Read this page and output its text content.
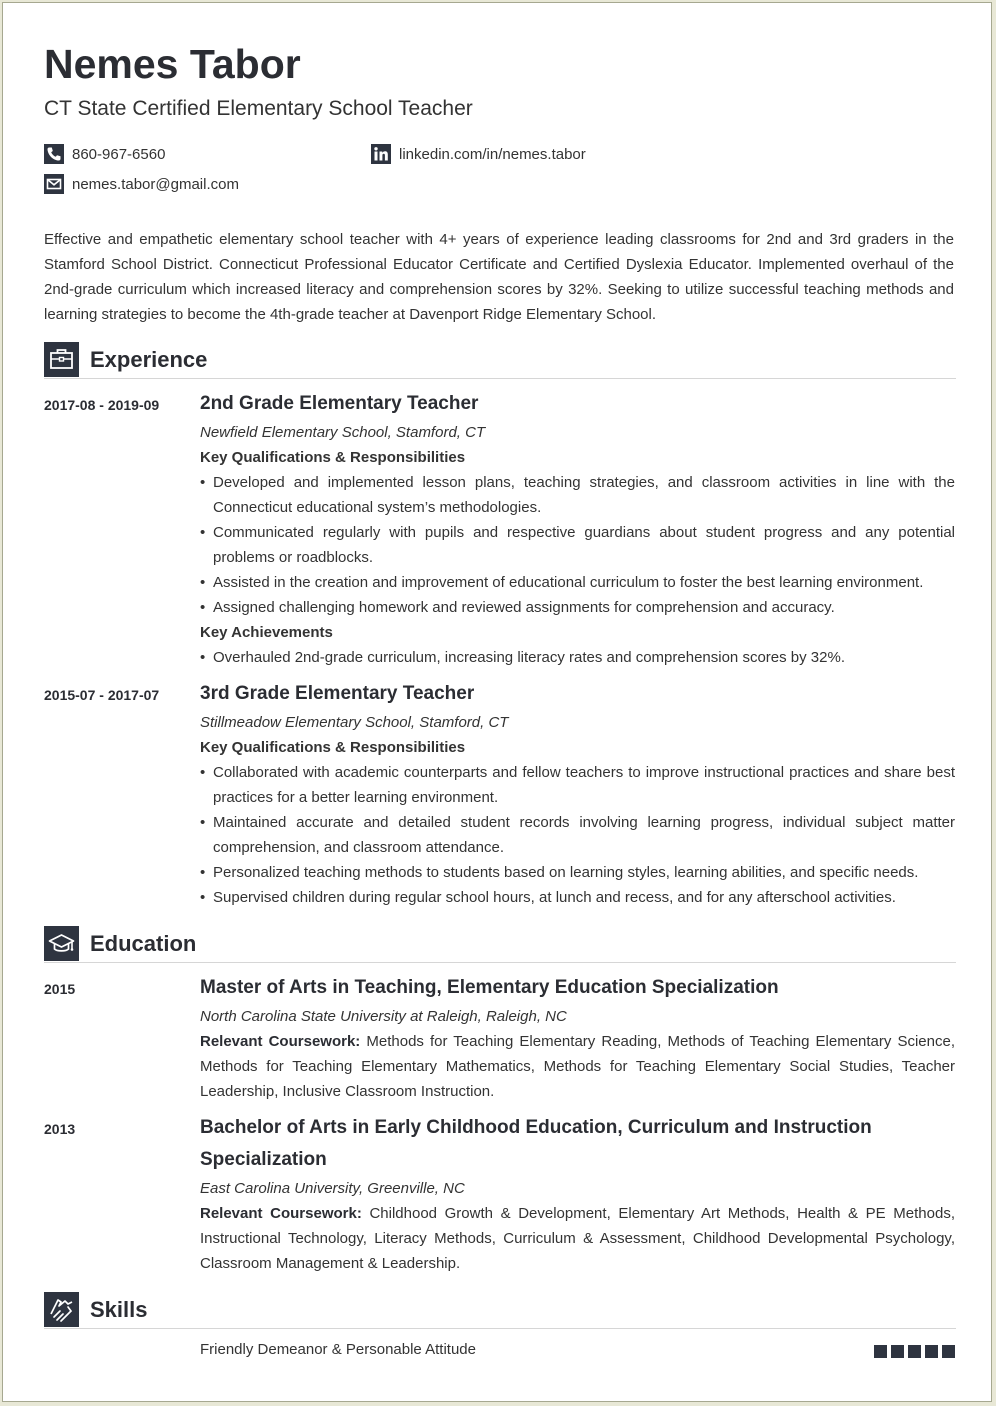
Nemes Tabor
CT State Certified Elementary School Teacher
860-967-6560	linkedin.com/in/nemes.tabor
nemes.tabor@gmail.com

Effective and empathetic elementary school teacher with 4+ years of experience leading classrooms for 2nd and 3rd graders in the Stamford School District. Connecticut Professional Educator Certificate and Certified Dyslexia Educator. Implemented overhaul of the 2nd-grade curriculum which increased literacy and comprehension scores by 32%. Seeking to utilize successful teaching methods and learning strategies to become the 4th-grade teacher at Davenport Ridge Elementary School.

Experience
2017-08 - 2019-09 2nd Grade Elementary Teacher
Newfield Elementary School, Stamford, CT
Key Qualifications & Responsibilities
• Developed and implemented lesson plans, teaching strategies, and classroom activities in line with the Connecticut educational system’s methodologies.
• Communicated regularly with pupils and respective guardians about student progress and any potential problems or roadblocks.
• Assisted in the creation and improvement of educational curriculum to foster the best learning environment.
• Assigned challenging homework and reviewed assignments for comprehension and accuracy.
Key Achievements
• Overhauled 2nd-grade curriculum, increasing literacy rates and comprehension scores by 32%.
2015-07 - 2017-07 3rd Grade Elementary Teacher
Stillmeadow Elementary School, Stamford, CT
Key Qualifications & Responsibilities
• Collaborated with academic counterparts and fellow teachers to improve instructional practices and share best practices for a better learning environment.
• Maintained accurate and detailed student records involving learning progress, individual subject matter comprehension, and classroom attendance.
• Personalized teaching methods to students based on learning styles, learning abilities, and specific needs.
• Supervised children during regular school hours, at lunch and recess, and for any afterschool activities.
Education
2015	Master of Arts in Teaching, Elementary Education Specialization
North Carolina State University at Raleigh, Raleigh, NC
Relevant Coursework: Methods for Teaching Elementary Reading, Methods of Teaching Elementary Science, Methods for Teaching Elementary Mathematics, Methods for Teaching Elementary Social Studies, Teacher Leadership, Inclusive Classroom Instruction.
2013	Bachelor of Arts in Early Childhood Education, Curriculum and Instruction Specialization
East Carolina University, Greenville, NC
Relevant Coursework: Childhood Growth & Development, Elementary Art Methods, Health & PE Methods, Instructional Technology, Literacy Methods, Curriculum & Assessment, Childhood Developmental Psychology, Classroom Management & Leadership.
Skills
Friendly Demeanor & Personable Attitude
